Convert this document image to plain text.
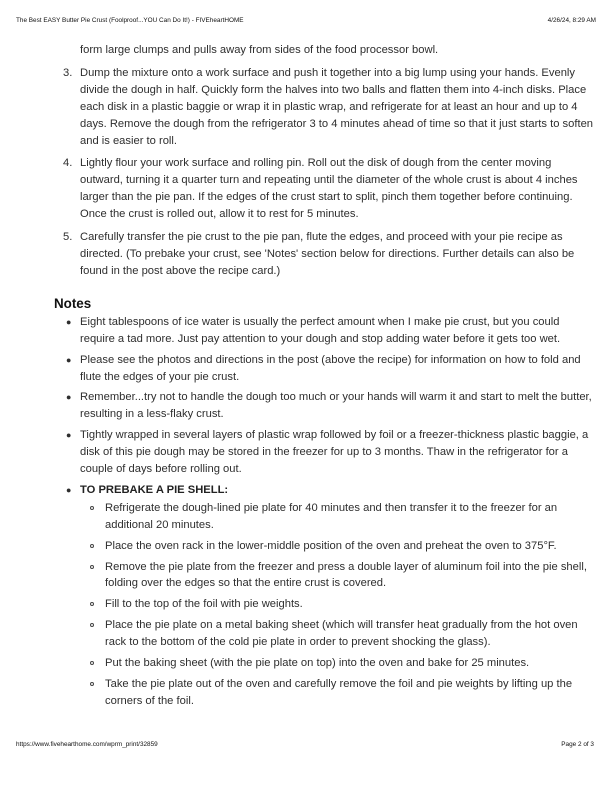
The Best EASY Butter Pie Crust (Foolproof...YOU Can Do It!) - FIVEheartHOME	4/26/24, 8:29 AM
form large clumps and pulls away from sides of the food processor bowl.
3. Dump the mixture onto a work surface and push it together into a big lump using your hands. Evenly divide the dough in half. Quickly form the halves into two balls and flatten them into 4-inch disks. Place each disk in a plastic baggie or wrap it in plastic wrap, and refrigerate for at least an hour and up to 4 days. Remove the dough from the refrigerator 3 to 4 minutes ahead of time so that it just starts to soften and is easier to roll.
4. Lightly flour your work surface and rolling pin. Roll out the disk of dough from the center moving outward, turning it a quarter turn and repeating until the diameter of the whole crust is about 4 inches larger than the pie pan. If the edges of the crust start to split, pinch them together before continuing. Once the crust is rolled out, allow it to rest for 5 minutes.
5. Carefully transfer the pie crust to the pie pan, flute the edges, and proceed with your pie recipe as directed. (To prebake your crust, see 'Notes' section below for directions. Further details can also be found in the post above the recipe card.)
Notes
● Eight tablespoons of ice water is usually the perfect amount when I make pie crust, but you could require a tad more. Just pay attention to your dough and stop adding water before it gets too wet.
● Please see the photos and directions in the post (above the recipe) for information on how to fold and flute the edges of your pie crust.
● Remember...try not to handle the dough too much or your hands will warm it and start to melt the butter, resulting in a less-flaky crust.
● Tightly wrapped in several layers of plastic wrap followed by foil or a freezer-thickness plastic baggie, a disk of this pie dough may be stored in the freezer for up to 3 months. Thaw in the refrigerator for a couple of days before rolling out.
● TO PREBAKE A PIE SHELL:
Refrigerate the dough-lined pie plate for 40 minutes and then transfer it to the freezer for an additional 20 minutes.
Place the oven rack in the lower-middle position of the oven and preheat the oven to 375°F.
Remove the pie plate from the freezer and press a double layer of aluminum foil into the pie shell, folding over the edges so that the entire crust is covered.
Fill to the top of the foil with pie weights.
Place the pie plate on a metal baking sheet (which will transfer heat gradually from the hot oven rack to the bottom of the cold pie plate in order to prevent shocking the glass).
Put the baking sheet (with the pie plate on top) into the oven and bake for 25 minutes.
Take the pie plate out of the oven and carefully remove the foil and pie weights by lifting up the corners of the foil.
https://www.fivehearthome.com/wprm_print/32859	Page 2 of 3
